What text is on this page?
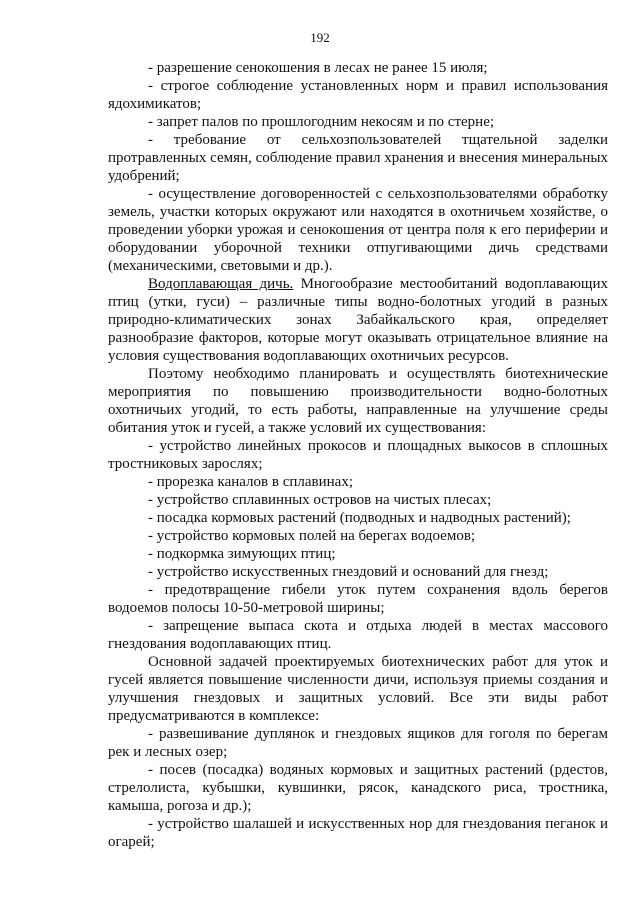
192

- разрешение сенокошения в лесах не ранее 15 июля;

- строгое соблюдение установленных норм и правил использования ядохимикатов;

- запрет палов по прошлогодним некосям и по стерне;

- требование от сельхозпользователей тщательной заделки протравленных семян, соблюдение правил хранения и внесения минеральных удобрений;

- осуществление договоренностей с сельхозпользователями обработку земель, участки которых окружают или находятся в охотничьем хозяйстве, о проведении уборки урожая и сенокошения от центра поля к его периферии и оборудовании уборочной техники отпугивающими дичь средствами (механическими, световыми и др.).

Водоплавающая дичь. Многообразие местообитаний водоплавающих птиц (утки, гуси) – различные типы водно-болотных угодий в разных природно-климатических зонах Забайкальского края, определяет разнообразие факторов, которые могут оказывать отрицательное влияние на условия существования водоплавающих охотничьих ресурсов.

Поэтому необходимо планировать и осуществлять биотехнические мероприятия по повышению производительности водно-болотных охотничьих угодий, то есть работы, направленные на улучшение среды обитания уток и гусей, а также условий их существования:

- устройство линейных прокосов и площадных выкосов в сплошных тростниковых зарослях;

- прорезка каналов в сплавинах;

- устройство сплавинных островов на чистых плесах;

- посадка кормовых растений (подводных и надводных растений);

- устройство кормовых полей на берегах водоемов;

- подкормка зимующих птиц;

- устройство искусственных гнездовий и оснований для гнезд;

- предотвращение гибели уток путем сохранения вдоль берегов водоемов полосы 10-50-метровой ширины;

- запрещение выпаса скота и отдыха людей в местах массового гнездования водоплавающих птиц.

Основной задачей проектируемых биотехнических работ для уток и гусей является повышение численности дичи, используя приемы создания и улучшения гнездовых и защитных условий. Все эти виды работ предусматриваются в комплексе:

- развешивание дуплянок и гнездовых ящиков для гоголя по берегам рек и лесных озер;

- посев (посадка) водяных кормовых и защитных растений (рдестов, стрелолиста, кубышки, кувшинки, рясок, канадского риса, тростника, камыша, рогоза и др.);

- устройство шалашей и искусственных нор для гнездования пеганок и огарей;
